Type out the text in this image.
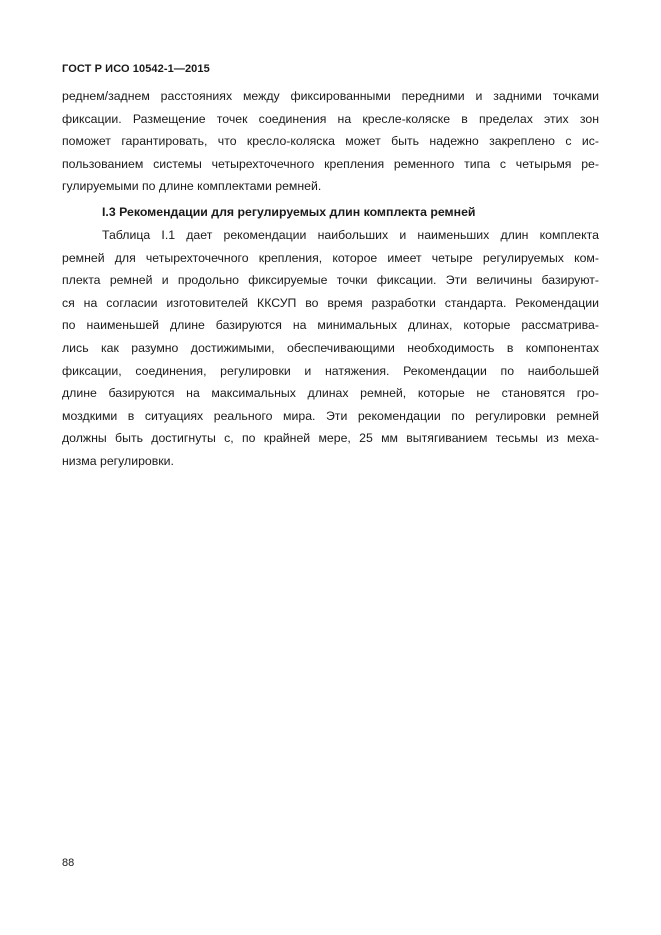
ГОСТ Р ИСО 10542-1—2015
реднем/заднем расстояниях между фиксированными передними и задними точками
фиксации. Размещение точек соединения на кресле-коляске в пределах этих зон
поможет гарантировать, что кресло-коляска может быть надежно закреплено с ис-
пользованием системы четырехточечного крепления ременного типа с четырьмя ре-
гулируемыми по длине комплектами ремней.
I.3 Рекомендации для регулируемых длин комплекта ремней
Таблица I.1 дает рекомендации наибольших и наименьших длин комплекта
ремней для четырехточечного крепления, которое имеет четыре регулируемых ком-
плекта ремней и продольно фиксируемые точки фиксации. Эти величины базируют-
ся на согласии изготовителей ККСУП во время разработки стандарта. Рекомендации
по наименьшей длине базируются на минимальных длинах, которые рассматрива-
лись как разумно достижимыми, обеспечивающими необходимость в компонентах
фиксации, соединения, регулировки и натяжения. Рекомендации по наибольшей
длине базируются на максимальных длинах ремней, которые не становятся гро-
моздкими в ситуациях реального мира. Эти рекомендации по регулировки ремней
должны быть достигнуты с, по крайней мере, 25 мм вытягиванием тесьмы из меха-
низма регулировки.
88
